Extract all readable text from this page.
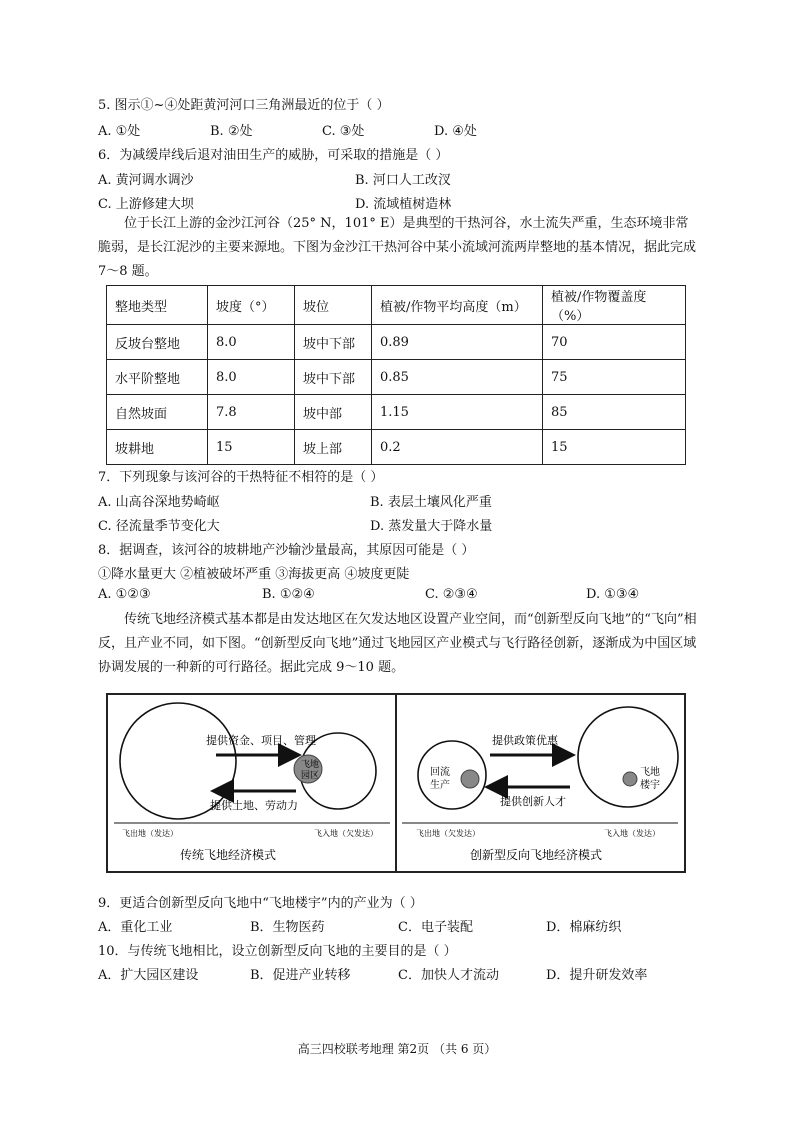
5. 图示①~④处距黄河河口三角洲最近的位于（ ）
A. ①处	B. ②处	C. ③处	D. ④处
6．为减缓岸线后退对油田生产的威胁，可采取的措施是（ ）
A. 黄河调水调沙	B. 河口人工改汊
C. 上游修建大坝	D. 流域植树造林
位于长江上游的金沙江河谷（25° N，101° E）是典型的干热河谷，水土流失严重，生态环境非常脆弱，是长江泥沙的主要来源地。下图为金沙江干热河谷中某小流域河流两岸整地的基本情况，据此完成 7～8 题。
整地类型	坡度（°）	坡位	植被/作物平均高度（m）	植被/作物覆盖度（%）
反坡台整地	8.0	坡中下部	0.89	70
水平阶整地	8.0	坡中下部	0.85	75
自然坡面	7.8	坡中部	1.15	85
坡耕地	15	坡上部	0.2	15
7．下列现象与该河谷的干热特征不相符的是（ ）
A. 山高谷深地势崎岖	B. 表层土壤风化严重
C. 径流量季节变化大	D. 蒸发量大于降水量
8．据调查，该河谷的坡耕地产沙输沙量最高，其原因可能是（ ）
①降水量更大 ②植被破坏严重 ③海拔更高 ④坡度更陡
A. ①②③	B. ①②④	C. ②③④	D. ①③④
传统飞地经济模式基本都是由发达地区在欠发达地区设置产业空间，而“创新型反向飞地”的“飞向”相反，且产业不同，如下图。“创新型反向飞地”通过飞地园区产业模式与飞行路径创新，逐渐成为中国区域协调发展的一种新的可行路径。据此完成 9～10 题。
提供资金、项目、管理
提供土地、劳动力
飞地
园区
飞出地（发达）	飞入地（欠发达）
传统飞地经济模式
提供政策优惠
提供创新人才
回流
生产
飞地
楼宇
飞出地（欠发达）	飞入地（发达）
创新型反向飞地经济模式
9．更适合创新型反向飞地中“飞地楼宇”内的产业为（ ）
A．重化工业	B．生物医药	C．电子装配	D．棉麻纺织
10．与传统飞地相比，设立创新型反向飞地的主要目的是（ ）
A．扩大园区建设	B．促进产业转移	C．加快人才流动	D．提升研发效率
高三四校联考地理 第2页 （共 6 页）
